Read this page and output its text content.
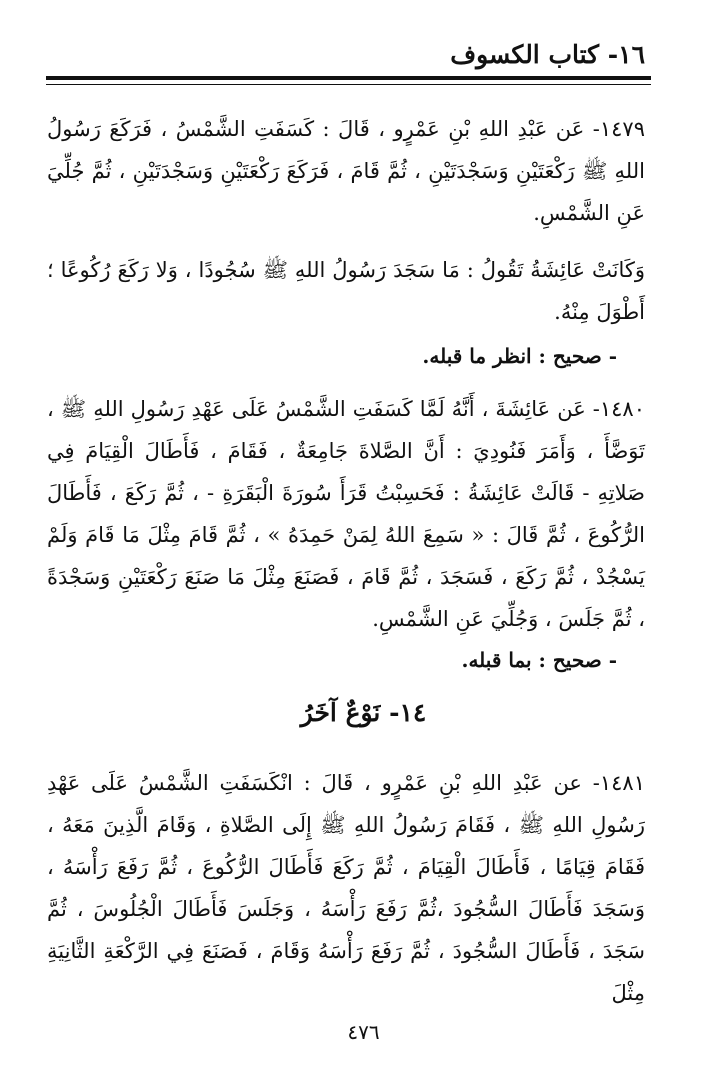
١٦- كتاب الكسوف

١٤٧٩- عَن عَبْدِ اللهِ بْنِ عَمْرٍو ، قَالَ : كَسَفَتِ الشَّمْسُ ، فَرَكَعَ رَسُولُ اللهِ ﷺ رَكْعَتَيْنِ وَسَجْدَتَيْنِ ، ثُمَّ قَامَ ، فَرَكَعَ رَكْعَتَيْنِ وَسَجْدَتَيْنِ ، ثُمَّ جُلِّيَ عَنِ الشَّمْسِ.

وَكَانَتْ عَائِشَةُ تَقُولُ : مَا سَجَدَ رَسُولُ اللهِ ﷺ سُجُودًا ، وَلا رَكَعَ رُكُوعًا ؛ أَطْوَلَ مِنْهُ.

- صحيح : انظر ما قبله.

١٤٨٠- عَن عَائِشَةَ ، أَنَّهُ لَمَّا كَسَفَتِ الشَّمْسُ عَلَى عَهْدِ رَسُولِ اللهِ ﷺ ، تَوَضَّأَ ، وَأَمَرَ فَنُودِيَ : أَنَّ الصَّلاةَ جَامِعَةٌ ، فَقَامَ ، فَأَطَالَ الْقِيَامَ فِي صَلاتِهِ - قَالَتْ عَائِشَةُ : فَحَسِبْتُ قَرَأَ سُورَةَ الْبَقَرَةِ - ، ثُمَّ رَكَعَ ، فَأَطَالَ الرُّكُوعَ ، ثُمَّ قَالَ : « سَمِعَ اللهُ لِمَنْ حَمِدَهُ » ، ثُمَّ قَامَ مِثْلَ مَا قَامَ وَلَمْ يَسْجُدْ ، ثُمَّ رَكَعَ ، فَسَجَدَ ، ثُمَّ قَامَ ، فَصَنَعَ مِثْلَ مَا صَنَعَ رَكْعَتَيْنِ وَسَجْدَةً ، ثُمَّ جَلَسَ ، وَجُلِّيَ عَنِ الشَّمْسِ.

- صحيح : بما قبله.
١٤- نَوْعٌ آخَرُ

١٤٨١- عن عَبْدِ اللهِ بْنِ عَمْرٍو ، قَالَ : انْكَسَفَتِ الشَّمْسُ عَلَى عَهْدِ رَسُولِ اللهِ ﷺ ، فَقَامَ رَسُولُ اللهِ ﷺ إِلَى الصَّلاةِ ، وَقَامَ الَّذِينَ مَعَهُ ، فَقَامَ قِيَامًا ، فَأَطَالَ الْقِيَامَ ، ثُمَّ رَكَعَ فَأَطَالَ الرُّكُوعَ ، ثُمَّ رَفَعَ رَأْسَهُ ، وَسَجَدَ فَأَطَالَ السُّجُودَ ،ثُمَّ رَفَعَ رَأْسَهُ ، وَجَلَسَ فَأَطَالَ الْجُلُوسَ ، ثُمَّ سَجَدَ ، فَأَطَالَ السُّجُودَ ، ثُمَّ رَفَعَ رَأْسَهُ وَقَامَ ، فَصَنَعَ فِي الرَّكْعَةِ الثَّانِيَةِ مِثْلَ

٤٧٦
